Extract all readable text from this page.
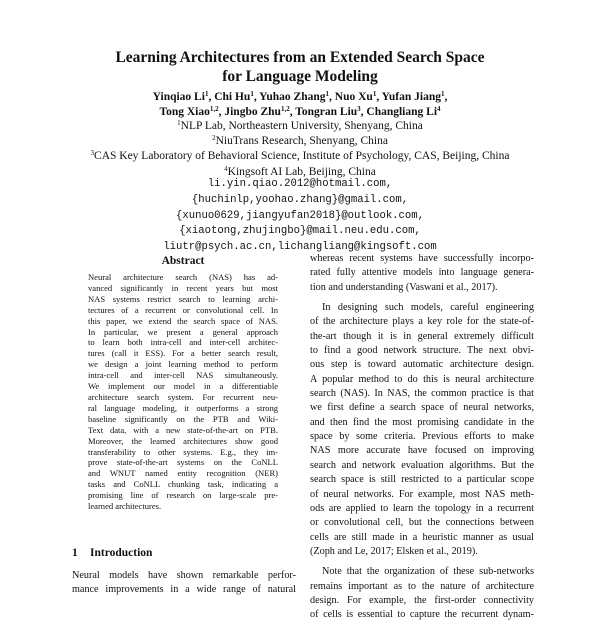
Learning Architectures from an Extended Search Space
for Language Modeling
Yinqiao Li$^1$, Chi Hu$^1$, Yuhao Zhang$^1$, Nuo Xu$^1$, Yufan Jiang$^1$,
Tong Xiao$^{1,2}$, Jingbo Zhu$^{1,2}$, Tongran Liu$^3$, Changliang Li$^4$
$^1$NLP Lab, Northeastern University, Shenyang, China
$^2$NiuTrans Research, Shenyang, China
$^3$CAS Key Laboratory of Behavioral Science, Institute of Psychology, CAS, Beijing, China
$^4$Kingsoft AI Lab, Beijing, China
li.yin.qiao.2012@hotmail.com,
{huchinlp,yoohao.zhang}@gmail.com,
{xunuo0629,jiangyufan2018}@outlook.com,
{xiaotong,zhujingbo}@mail.neu.edu.com,
liutr@psych.ac.cn,lichangliang@kingsoft.com
Abstract
Neural architecture search (NAS) has ad-
vanced significantly in recent years but most
NAS systems restrict search to learning archi-
tectures of a recurrent or convolutional cell. In
this paper, we extend the search space of NAS.
In particular, we present a general approach
to learn both intra-cell and inter-cell architec-
tures (call it ESS). For a better search result,
we design a joint learning method to perform
intra-cell and inter-cell NAS simultaneously.
We implement our model in a differentiable
architecture search system. For recurrent neu-
ral language modeling, it outperforms a strong
baseline significantly on the PTB and Wiki-
Text data, with a new state-of-the-art on PTB.
Moreover, the learned architectures show good
transferability to other systems. E.g., they im-
prove state-of-the-art systems on the CoNLL
and WNUT named entity recognition (NER)
tasks and CoNLL chunking task, indicating a
promising line of research on large-scale pre-
learned architectures.
1 Introduction
Neural models have shown remarkable perfor-
mance improvements in a wide range of natural
whereas recent systems have successfully incorpo-
rated fully attentive models into language genera-
tion and understanding (Vaswani et al., 2017).
In designing such models, careful engineering
of the architecture plays a key role for the state-of-
the-art though it is in general extremely difficult
to find a good network structure. The next obvi-
ous step is toward automatic architecture design.
A popular method to do this is neural architecture
search (NAS). In NAS, the common practice is that
we first define a search space of neural networks,
and then find the most promising candidate in the
space by some criteria. Previous efforts to make
NAS more accurate have focused on improving
search and network evaluation algorithms. But the
search space is still restricted to a particular scope
of neural networks. For example, most NAS meth-
ods are applied to learn the topology in a recurrent
or convolutional cell, but the connections between
cells are still made in a heuristic manner as usual
(Zoph and Le, 2017; Elsken et al., 2019).
Note that the organization of these sub-networks
remains important as to the nature of architecture
design. For example, the first-order connectivity
of cells is essential to capture the recurrent dynam-
